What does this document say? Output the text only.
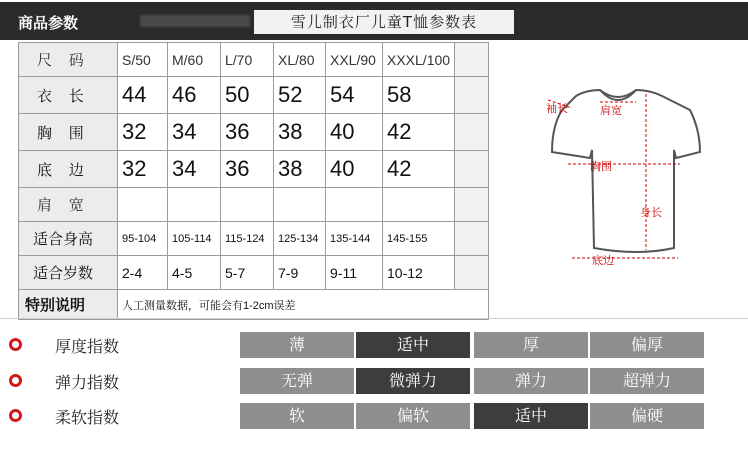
商品参数	雪儿制衣厂儿童T恤参数表
尺 码	S/50	M/60	L/70	XL/80	XXL/90	XXXL/100	
衣 长	44	46	50	52	54	58	
胸 围	32	34	36	38	40	42	
底 边	32	34	36	38	40	42	
肩 宽							
适合身高	95-104	105-114	115-124	125-134	135-144	145-155	
适合岁数	2-4	4-5	5-7	7-9	9-11	10-12	
特别说明	人工测量数据，可能会有1-2cm误差						
袖长	肩宽
胸围
身长
底边
厚度指数	薄	适中	厚	偏厚
弹力指数	无弹	微弹力	弹力	超弹力
柔软指数	软	偏软	适中	偏硬
